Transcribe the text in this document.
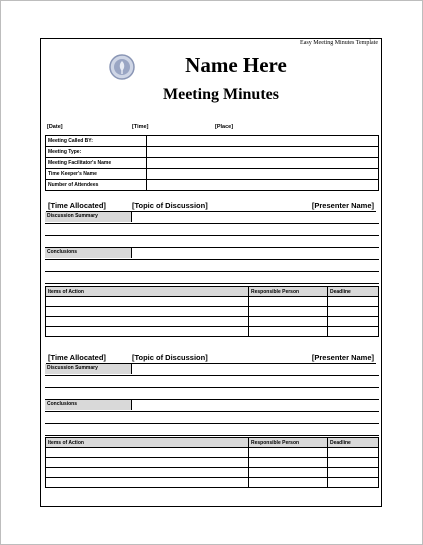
Easy Meeting Minutes Template
Name Here
Meeting Minutes
[Date]	[Time]	[Place]
Meeting Called BY:	
Meeting Type:	
Meeting Facilitator's Name	
Time Keeper's Name	
Number of Attendees	
[Time Allocated]	[Topic of Discussion]	[Presenter Name]
Discussion Summary
Conclusions
Items of Action	Responsible Person	Deadline

[Time Allocated]	[Topic of Discussion]	[Presenter Name]
Discussion Summary
Conclusions
Items of Action	Responsible Person	Deadline
